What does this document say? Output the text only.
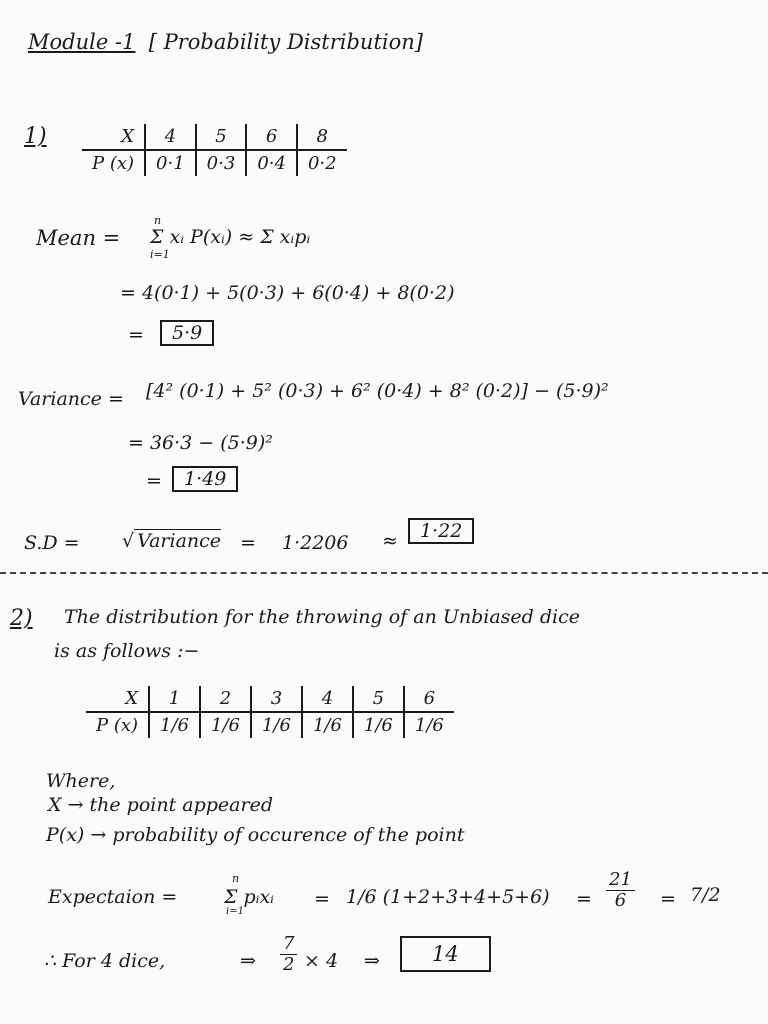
Module -1 [ Probability Distribution]
1)	X	4	5	6	8
P (x)	0·1	0·3	0·4	0·2
Mean =
n
i=1
Σ xᵢ P(xᵢ) ≈ Σ xᵢpᵢ
= 4(0·1) + 5(0·3) + 6(0·4) + 8(0·2)
=	5·9
Variance = [4² (0·1) + 5² (0·3) + 6² (0·4) + 8² (0·2)] − (5·9)²
= 36·3 − (5·9)²
=	1·49
S.D = √ Variance = 1·2206 ≈	1·22
2) The distribution for the throwing of an Unbiased dice
is as follows :−
X	1	2	3	4	5	6
P (x)	1/6	1/6	1/6	1/6	1/6	1/6
Where,
X → the point appeared
P(x) → probability of occurence of the point
Expectaion =
n
i=1
Σ pᵢxᵢ = 1/6 $(1+2+3+4+5+6) = \frac{21}{6} = 7/2$
∴ For 4 dice,	⇒ $\frac{7}{2} \times 4$ ⇒	14
